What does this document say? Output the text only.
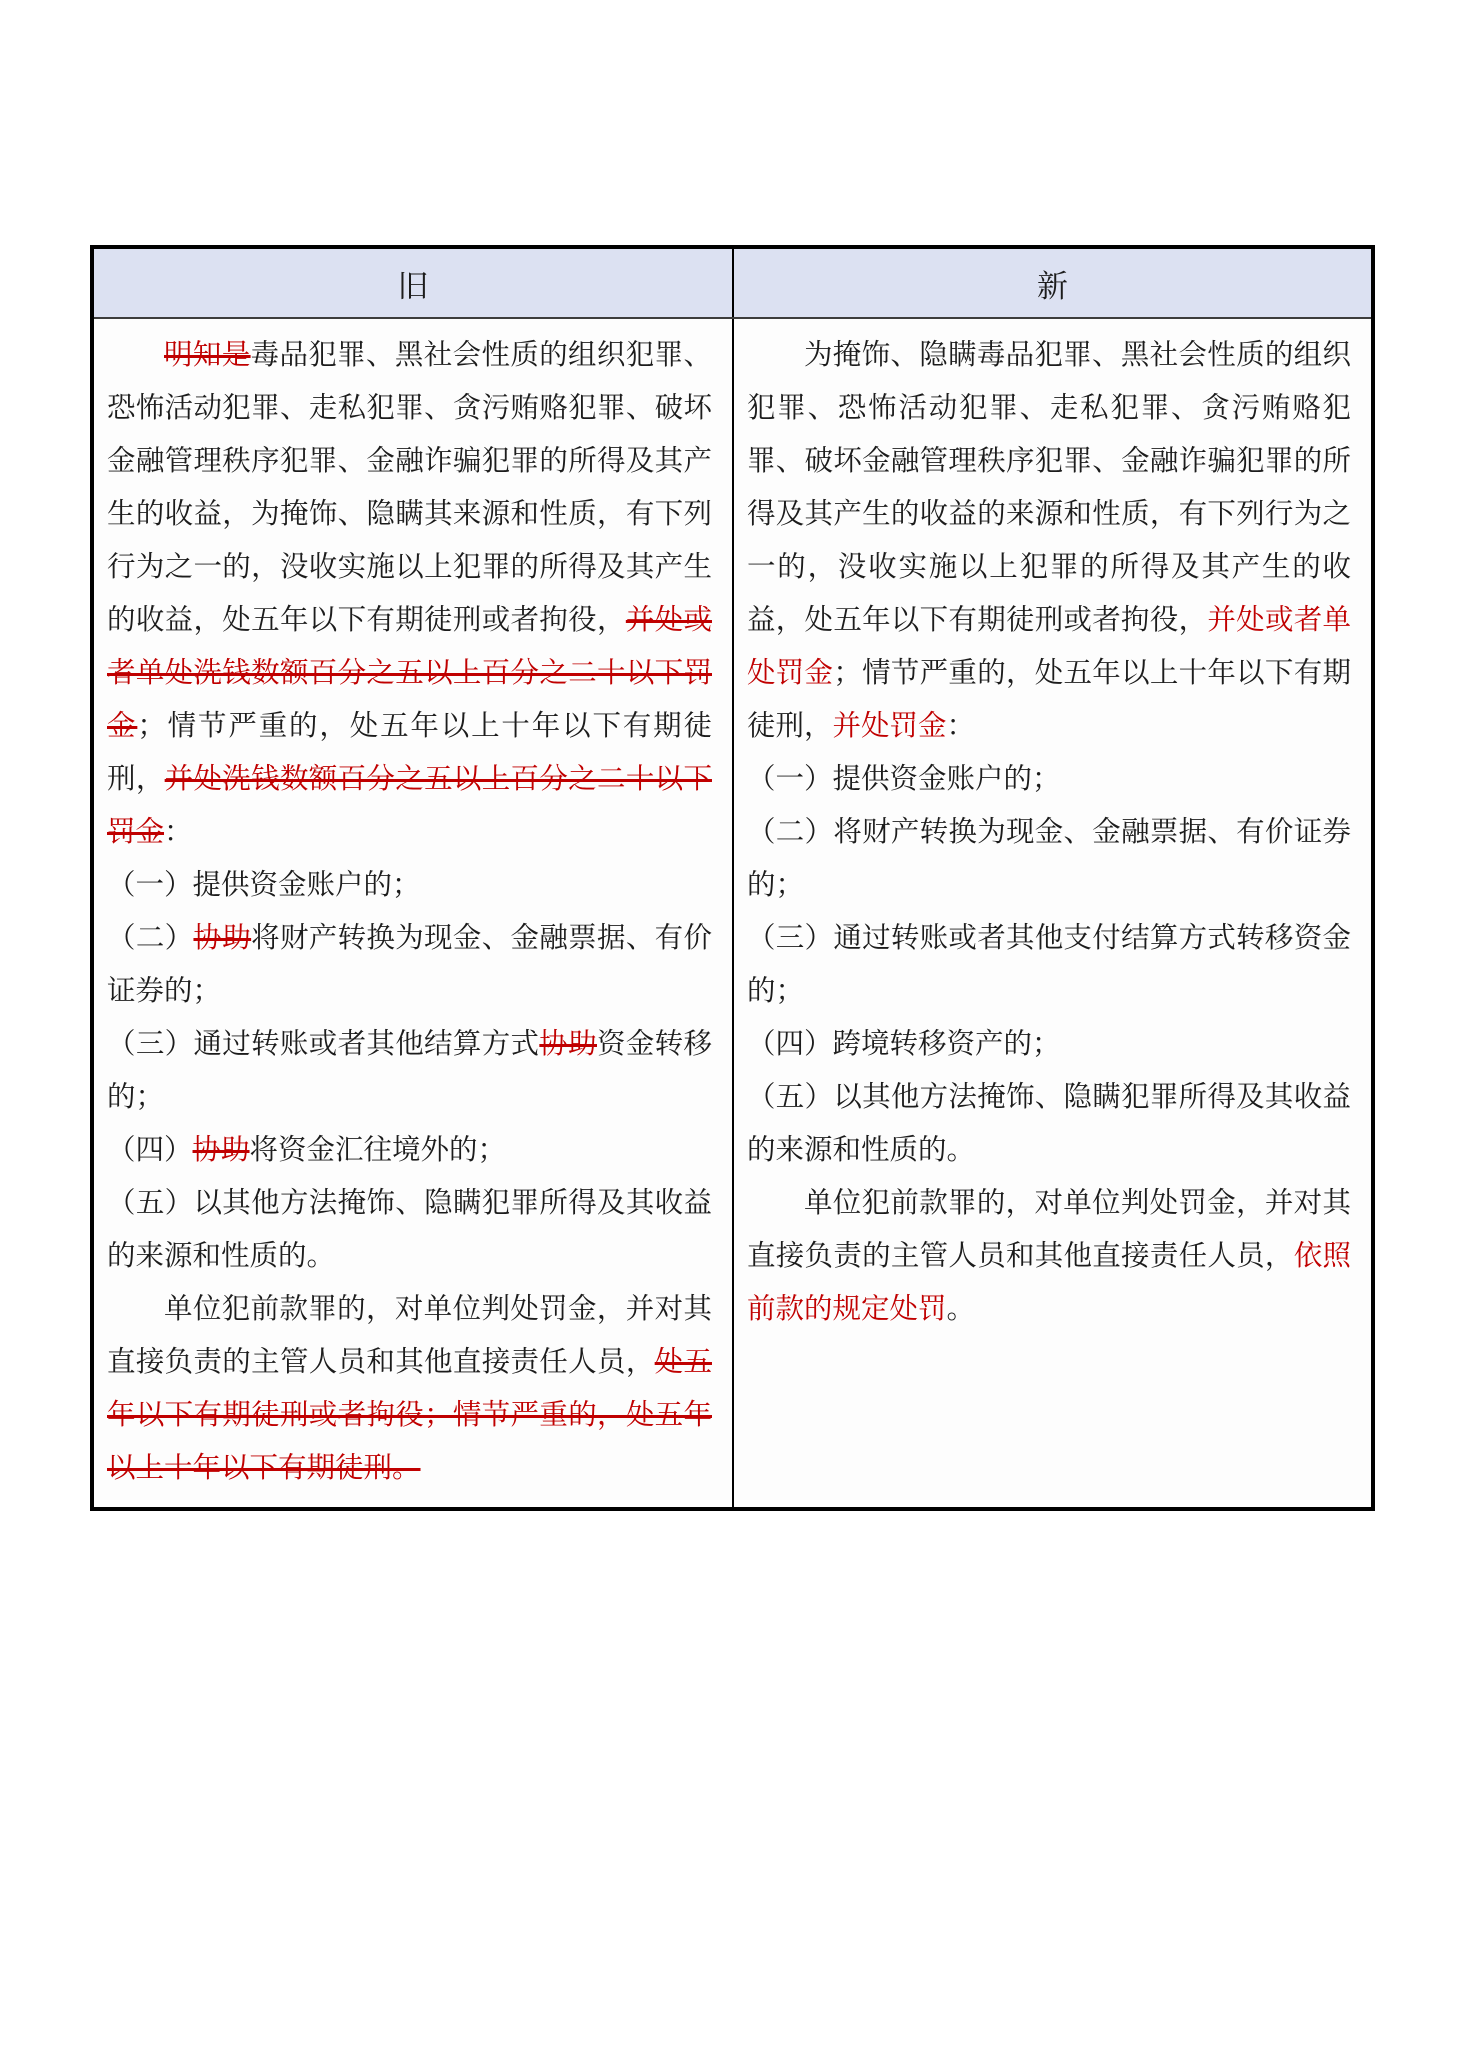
旧	新

明知是毒品犯罪、黑社会性质的组织犯罪、恐怖活动犯罪、走私犯罪、贪污贿赂犯罪、破坏金融管理秩序犯罪、金融诈骗犯罪的所得及其产生的收益，为掩饰、隐瞒其来源和性质，有下列行为之一的，没收实施以上犯罪的所得及其产生的收益，处五年以下有期徒刑或者拘役，并处或者单处洗钱数额百分之五以上百分之二十以下罚金；情节严重的，处五年以上十年以下有期徒刑，并处洗钱数额百分之五以上百分之二十以下罚金：

（一）提供资金账户的；

（二）协助将财产转换为现金、金融票据、有价证券的；

（三）通过转账或者其他结算方式协助资金转移的；

（四）协助将资金汇往境外的；

（五）以其他方法掩饰、隐瞒犯罪所得及其收益的来源和性质的。

单位犯前款罪的，对单位判处罚金，并对其直接负责的主管人员和其他直接责任人员，处五年以下有期徒刑或者拘役；情节严重的，处五年以上十年以下有期徒刑。

为掩饰、隐瞒毒品犯罪、黑社会性质的组织犯罪、恐怖活动犯罪、走私犯罪、贪污贿赂犯罪、破坏金融管理秩序犯罪、金融诈骗犯罪的所得及其产生的收益的来源和性质，有下列行为之一的，没收实施以上犯罪的所得及其产生的收益，处五年以下有期徒刑或者拘役，并处或者单处罚金；情节严重的，处五年以上十年以下有期徒刑，并处罚金：

（一）提供资金账户的；

（二）将财产转换为现金、金融票据、有价证券的；

（三）通过转账或者其他支付结算方式转移资金的；

（四）跨境转移资产的；

（五）以其他方法掩饰、隐瞒犯罪所得及其收益的来源和性质的。

单位犯前款罪的，对单位判处罚金，并对其直接负责的主管人员和其他直接责任人员，依照前款的规定处罚。
